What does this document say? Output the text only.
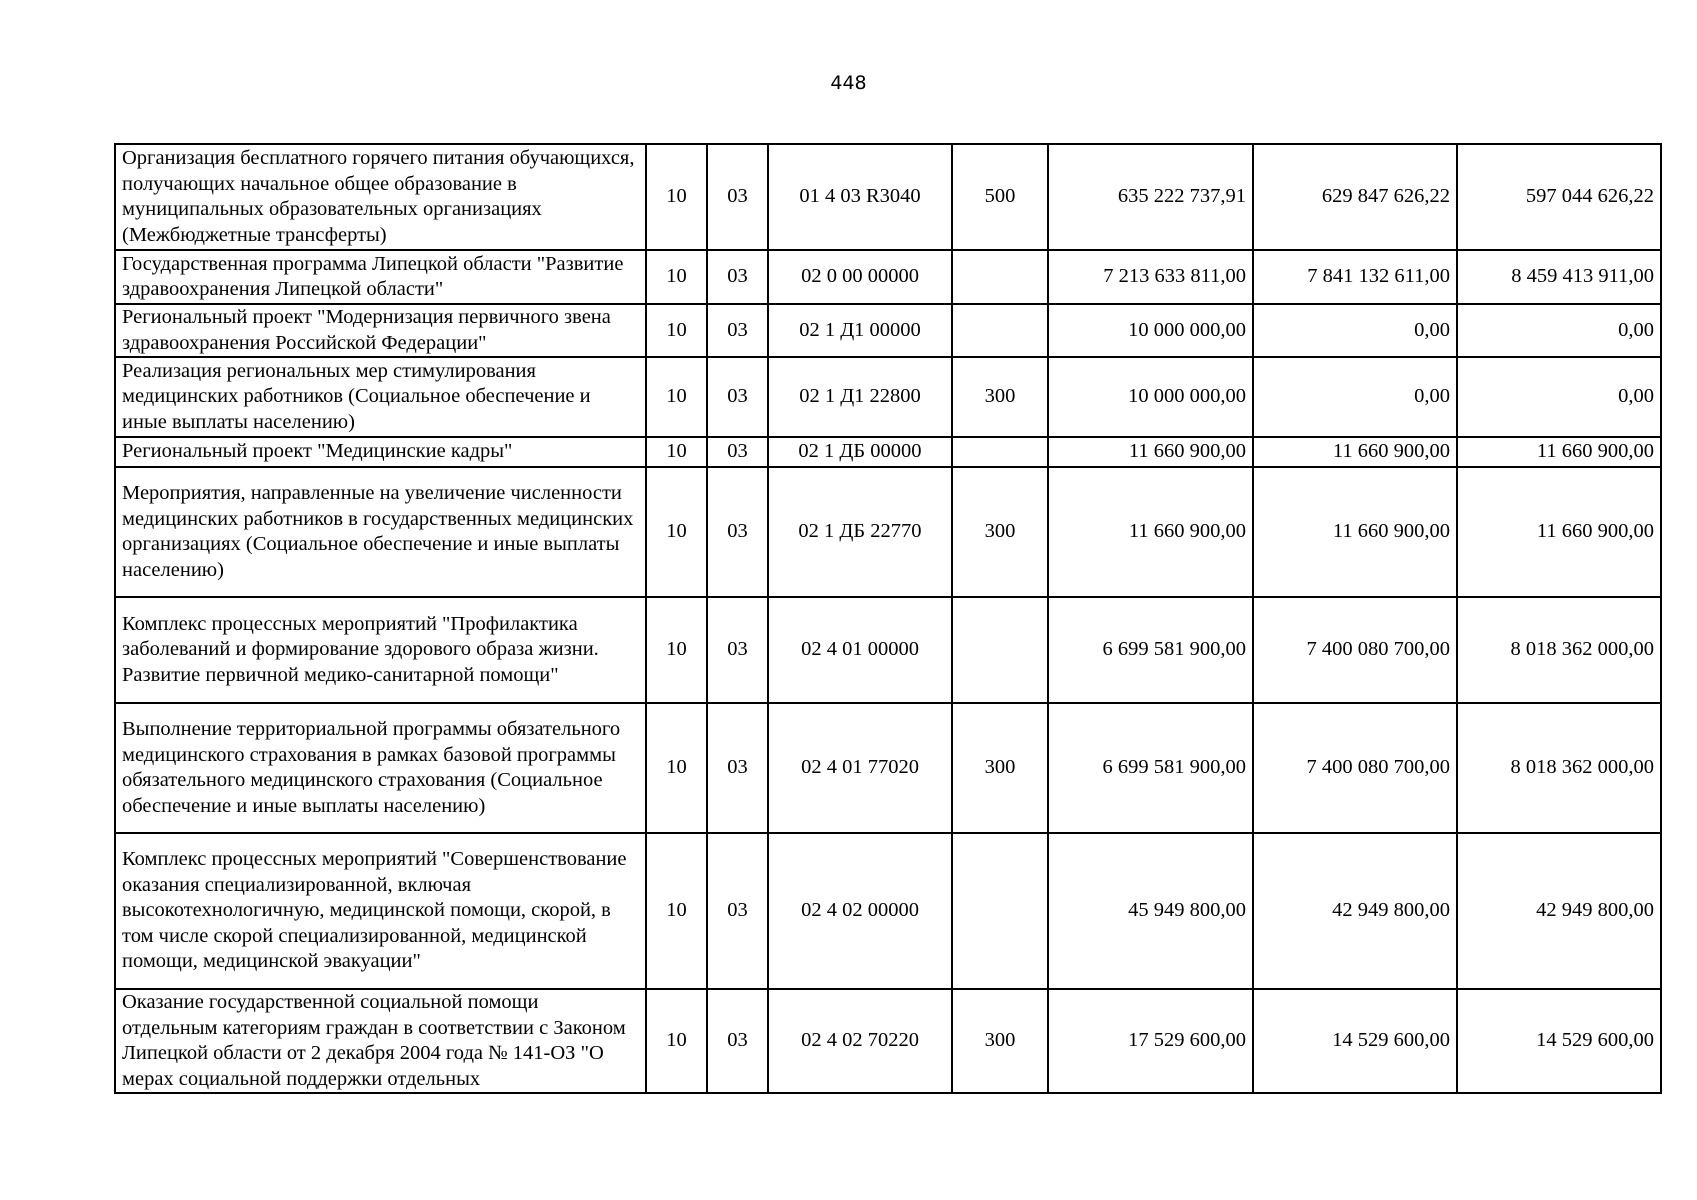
448
Организация бесплатного горячего питания обучающихся, получающих начальное общее образование в муниципальных образовательных организациях (Межбюджетные трансферты)	10	03	01 4 03 R3040	500	635 222 737,91	629 847 626,22	597 044 626,22
Государственная программа Липецкой области "Развитие здравоохранения Липецкой области"	10	03	02 0 00 00000		7 213 633 811,00	7 841 132 611,00	8 459 413 911,00
Региональный проект "Модернизация первичного звена здравоохранения Российской Федерации"	10	03	02 1 Д1 00000		10 000 000,00	0,00	0,00
Реализация региональных мер стимулирования медицинских работников (Социальное обеспечение и иные выплаты населению)	10	03	02 1 Д1 22800	300	10 000 000,00	0,00	0,00
Региональный проект "Медицинские кадры"	10	03	02 1 ДБ 00000		11 660 900,00	11 660 900,00	11 660 900,00
Мероприятия, направленные на увеличение численности медицинских работников в государственных медицинских организациях (Социальное обеспечение и иные выплаты населению)	10	03	02 1 ДБ 22770	300	11 660 900,00	11 660 900,00	11 660 900,00
Комплекс процессных мероприятий "Профилактика заболеваний и формирование здорового образа жизни. Развитие первичной медико-санитарной помощи"	10	03	02 4 01 00000		6 699 581 900,00	7 400 080 700,00	8 018 362 000,00
Выполнение территориальной программы обязательного медицинского страхования в рамках базовой программы обязательного медицинского страхования (Социальное обеспечение и иные выплаты населению)	10	03	02 4 01 77020	300	6 699 581 900,00	7 400 080 700,00	8 018 362 000,00
Комплекс процессных мероприятий "Совершенствование оказания специализированной, включая высокотехнологичную, медицинской помощи, скорой, в том числе скорой специализированной, медицинской помощи, медицинской эвакуации"	10	03	02 4 02 00000		45 949 800,00	42 949 800,00	42 949 800,00
Оказание государственной социальной помощи отдельным категориям граждан в соответствии с Законом Липецкой области от 2 декабря 2004 года № 141-ОЗ "О мерах социальной поддержки отдельных	10	03	02 4 02 70220	300	17 529 600,00	14 529 600,00	14 529 600,00
